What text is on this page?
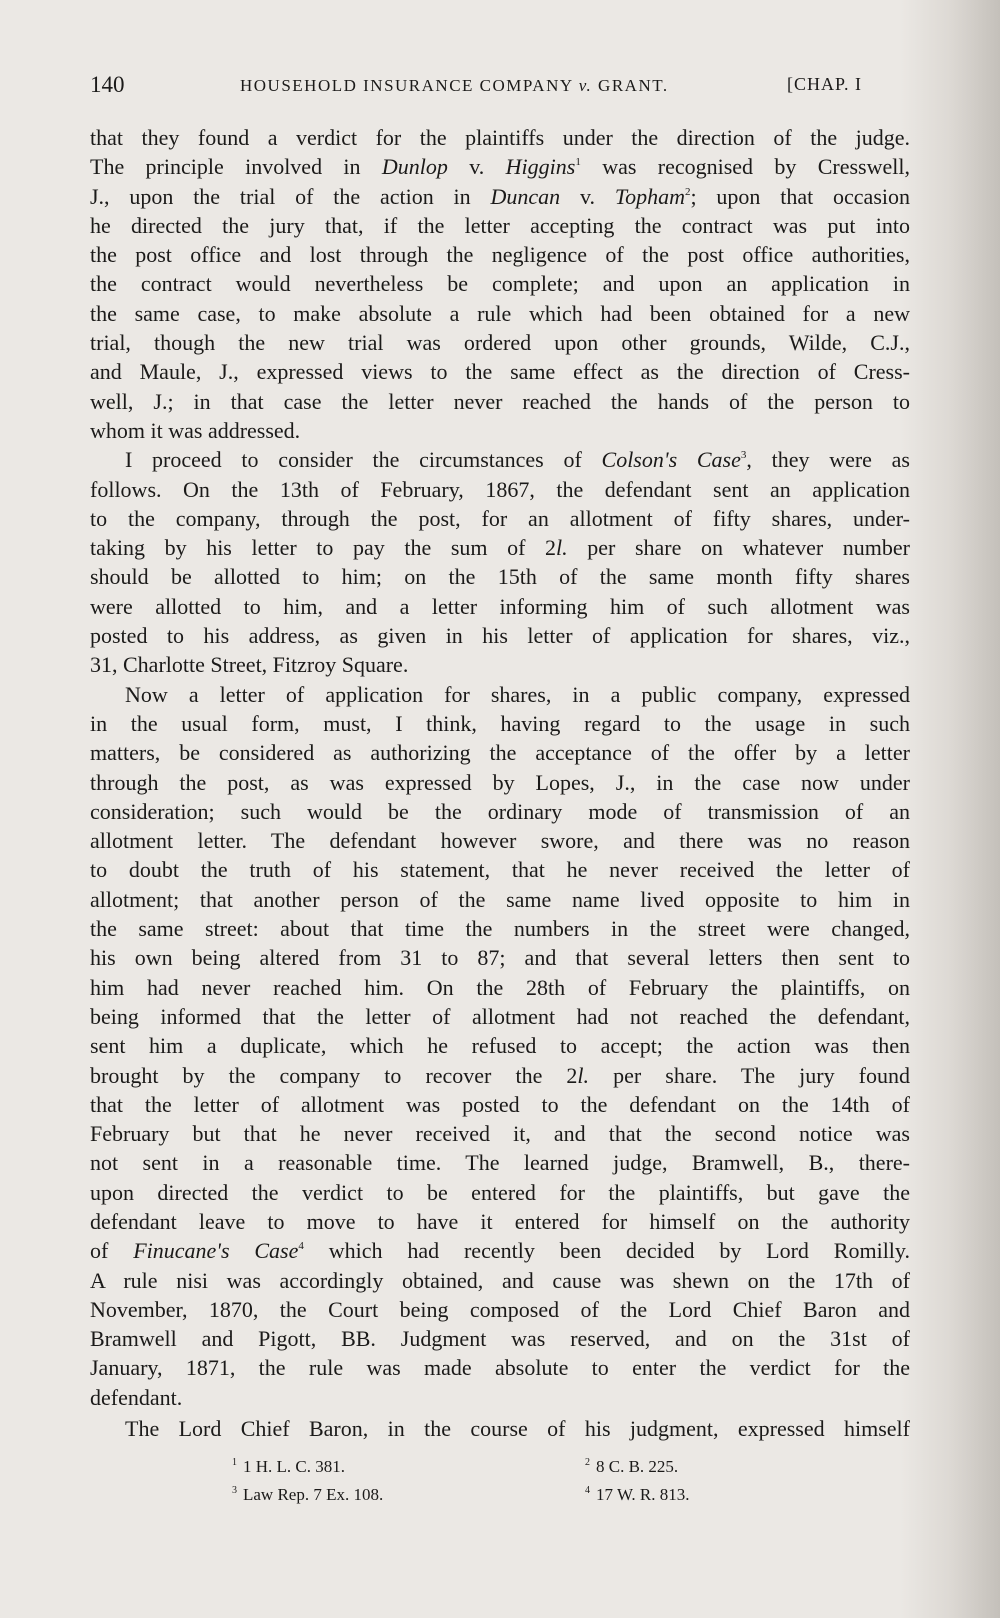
140	HOUSEHOLD INSURANCE COMPANY v. GRANT.	[CHAP. I

that they found a verdict for the plaintiffs under the direction of the judge.
The principle involved in Dunlop v. Higgins$^1$ was recognised by Cresswell,
J., upon the trial of the action in Duncan v. Topham$^2$; upon that occasion
he directed the jury that, if the letter accepting the contract was put into
the post office and lost through the negligence of the post office authorities,
the contract would nevertheless be complete; and upon an application in
the same case, to make absolute a rule which had been obtained for a new
trial, though the new trial was ordered upon other grounds, Wilde, C.J.,
and Maule, J., expressed views to the same effect as the direction of Cress-
well, J.; in that case the letter never reached the hands of the person to
whom it was addressed.

I proceed to consider the circumstances of Colson's Case$^3$, they were as
follows. On the 13th of February, 1867, the defendant sent an application
to the company, through the post, for an allotment of fifty shares, under-
taking by his letter to pay the sum of 2l. per share on whatever number
should be allotted to him; on the 15th of the same month fifty shares
were allotted to him, and a letter informing him of such allotment was
posted to his address, as given in his letter of application for shares, viz.,
31, Charlotte Street, Fitzroy Square.

Now a letter of application for shares, in a public company, expressed
in the usual form, must, I think, having regard to the usage in such
matters, be considered as authorizing the acceptance of the offer by a letter
through the post, as was expressed by Lopes, J., in the case now under
consideration; such would be the ordinary mode of transmission of an
allotment letter. The defendant however swore, and there was no reason
to doubt the truth of his statement, that he never received the letter of
allotment; that another person of the same name lived opposite to him in
the same street: about that time the numbers in the street were changed,
his own being altered from 31 to 87; and that several letters then sent to
him had never reached him. On the 28th of February the plaintiffs, on
being informed that the letter of allotment had not reached the defendant,
sent him a duplicate, which he refused to accept; the action was then
brought by the company to recover the 2l. per share. The jury found
that the letter of allotment was posted to the defendant on the 14th of
February but that he never received it, and that the second notice was
not sent in a reasonable time. The learned judge, Bramwell, B., there-
upon directed the verdict to be entered for the plaintiffs, but gave the
defendant leave to move to have it entered for himself on the authority
of Finucane's Case$^4$ which had recently been decided by Lord Romilly.
A rule nisi was accordingly obtained, and cause was shewn on the 17th of
November, 1870, the Court being composed of the Lord Chief Baron and
Bramwell and Pigott, BB. Judgment was reserved, and on the 31st of
January, 1871, the rule was made absolute to enter the verdict for the
defendant.

The Lord Chief Baron, in the course of his judgment, expressed himself

$^1$ 1 H. L. C. 381.	$^2$ 8 C. B. 225.
$^3$ Law Rep. 7 Ex. 108.	$^4$ 17 W. R. 813.
